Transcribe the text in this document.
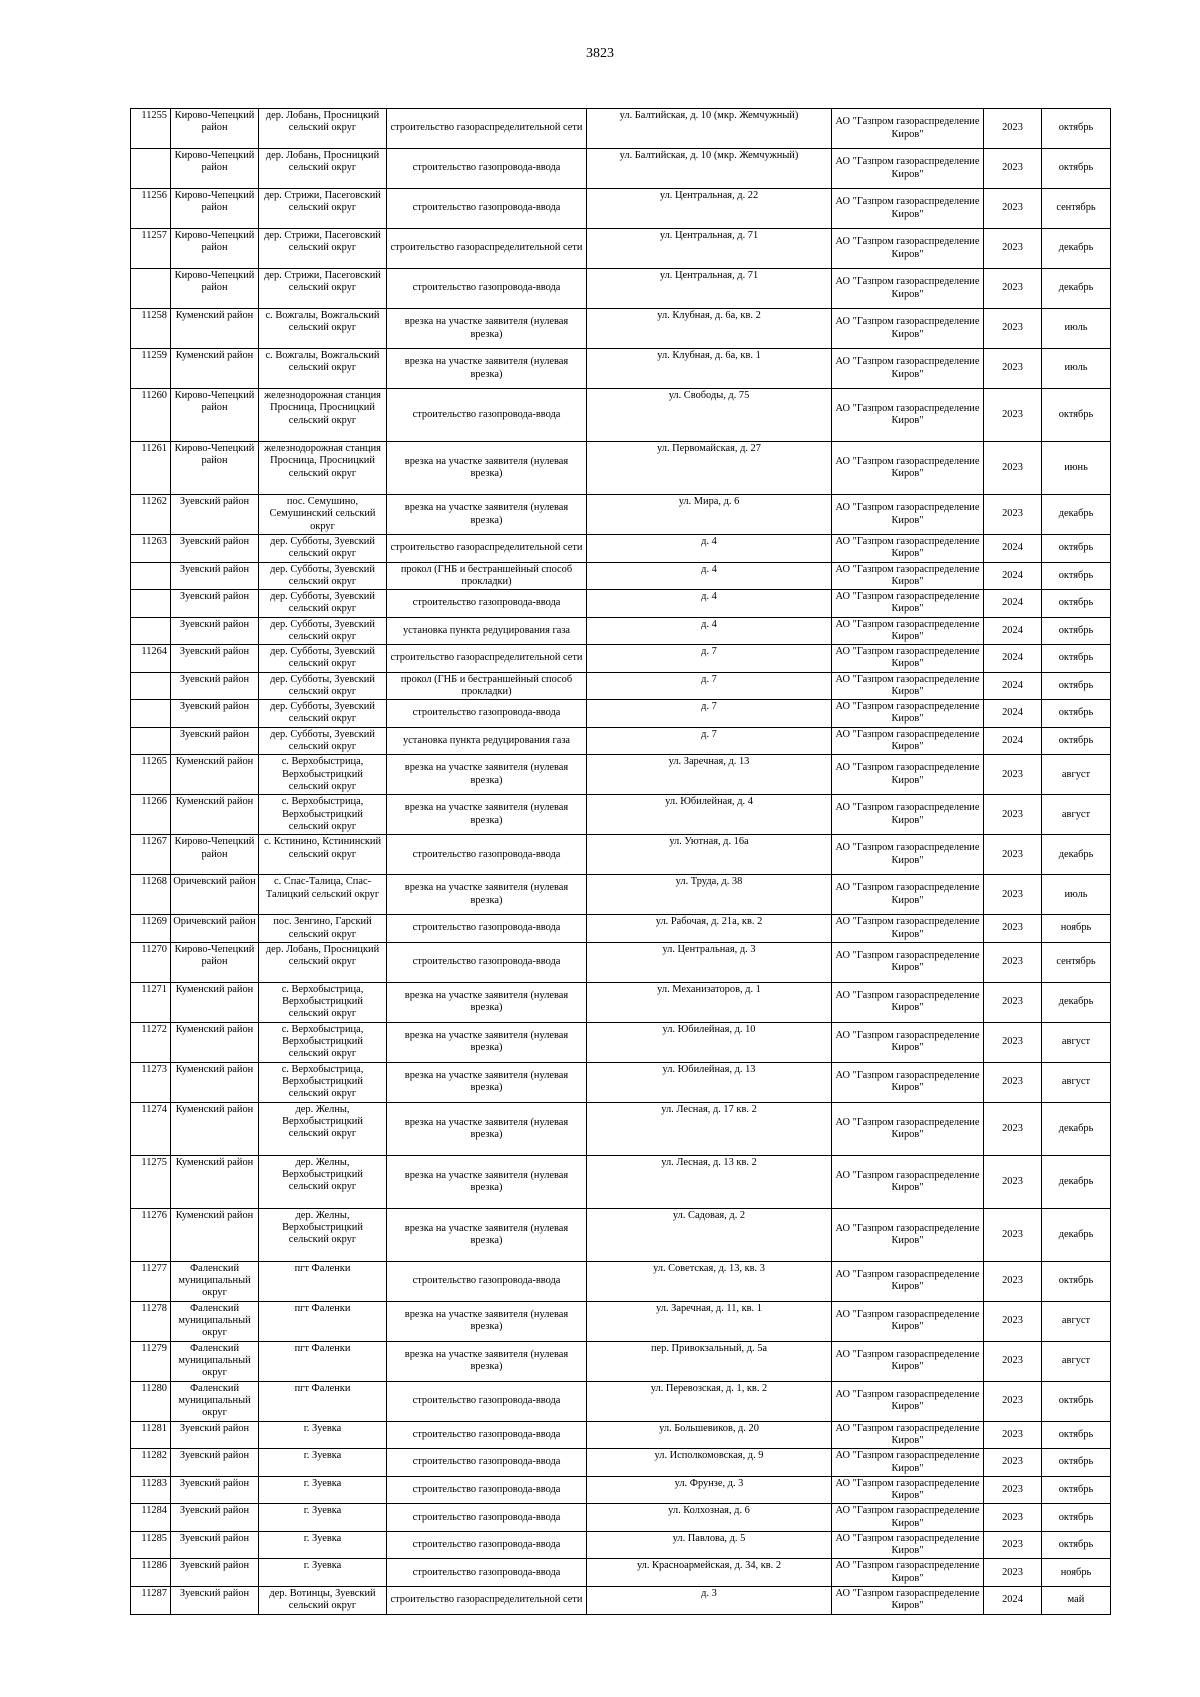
3823
11255	Кирово-Чепецкий район	дер. Лобань, Просницкий сельский округ	строительство газораспределительной сети	ул. Балтийская, д. 10 (мкр. Жемчужный)	АО "Газпром газораспределение Киров"	2023	октябрь
	Кирово-Чепецкий район	дер. Лобань, Просницкий сельский округ	строительство газопровода-ввода	ул. Балтийская, д. 10 (мкр. Жемчужный)	АО "Газпром газораспределение Киров"	2023	октябрь
11256	Кирово-Чепецкий район	дер. Стрижи, Пасеговский сельский округ	строительство газопровода-ввода	ул. Центральная, д. 22	АО "Газпром газораспределение Киров"	2023	сентябрь
11257	Кирово-Чепецкий район	дер. Стрижи, Пасеговский сельский округ	строительство газораспределительной сети	ул. Центральная, д. 71	АО "Газпром газораспределение Киров"	2023	декабрь
	Кирово-Чепецкий район	дер. Стрижи, Пасеговский сельский округ	строительство газопровода-ввода	ул. Центральная, д. 71	АО "Газпром газораспределение Киров"	2023	декабрь
11258	Куменский район	с. Вожгалы, Вожгальский сельский округ	врезка на участке заявителя (нулевая врезка)	ул. Клубная, д. 6а, кв. 2	АО "Газпром газораспределение Киров"	2023	июль
11259	Куменский район	с. Вожгалы, Вожгальский сельский округ	врезка на участке заявителя (нулевая врезка)	ул. Клубная, д. 6а, кв. 1	АО "Газпром газораспределение Киров"	2023	июль
11260	Кирово-Чепецкий район	железнодорожная станция Просница, Просницкий сельский округ	строительство газопровода-ввода	ул. Свободы, д. 75	АО "Газпром газораспределение Киров"	2023	октябрь
11261	Кирово-Чепецкий район	железнодорожная станция Просница, Просницкий сельский округ	врезка на участке заявителя (нулевая врезка)	ул. Первомайская, д. 27	АО "Газпром газораспределение Киров"	2023	июнь
11262	Зуевский район	пос. Семушино, Семушинский сельский округ	врезка на участке заявителя (нулевая врезка)	ул. Мира, д. 6	АО "Газпром газораспределение Киров"	2023	декабрь
11263	Зуевский район	дер. Субботы, Зуевский сельский округ	строительство газораспределительной сети	д. 4	АО "Газпром газораспределение Киров"	2024	октябрь
	Зуевский район	дер. Субботы, Зуевский сельский округ	прокол (ГНБ и бестраншейный способ прокладки)	д. 4	АО "Газпром газораспределение Киров"	2024	октябрь
	Зуевский район	дер. Субботы, Зуевский сельский округ	строительство газопровода-ввода	д. 4	АО "Газпром газораспределение Киров"	2024	октябрь
	Зуевский район	дер. Субботы, Зуевский сельский округ	установка пункта редуцирования газа	д. 4	АО "Газпром газораспределение Киров"	2024	октябрь
11264	Зуевский район	дер. Субботы, Зуевский сельский округ	строительство газораспределительной сети	д. 7	АО "Газпром газораспределение Киров"	2024	октябрь
	Зуевский район	дер. Субботы, Зуевский сельский округ	прокол (ГНБ и бестраншейный способ прокладки)	д. 7	АО "Газпром газораспределение Киров"	2024	октябрь
	Зуевский район	дер. Субботы, Зуевский сельский округ	строительство газопровода-ввода	д. 7	АО "Газпром газораспределение Киров"	2024	октябрь
	Зуевский район	дер. Субботы, Зуевский сельский округ	установка пункта редуцирования газа	д. 7	АО "Газпром газораспределение Киров"	2024	октябрь
11265	Куменский район	с. Верхобыстрица, Верхобыстрицкий сельский округ	врезка на участке заявителя (нулевая врезка)	ул. Заречная, д. 13	АО "Газпром газораспределение Киров"	2023	август
11266	Куменский район	с. Верхобыстрица, Верхобыстрицкий сельский округ	врезка на участке заявителя (нулевая врезка)	ул. Юбилейная, д. 4	АО "Газпром газораспределение Киров"	2023	август
11267	Кирово-Чепецкий район	с. Кстинино, Кстининский сельский округ	строительство газопровода-ввода	ул. Уютная, д. 16а	АО "Газпром газораспределение Киров"	2023	декабрь
11268	Оричевский район	с. Спас-Талица, Спас-Талицкий сельский округ	врезка на участке заявителя (нулевая врезка)	ул. Труда, д. 38	АО "Газпром газораспределение Киров"	2023	июль
11269	Оричевский район	пос. Зенгино, Гарский сельский округ	строительство газопровода-ввода	ул. Рабочая, д. 21а, кв. 2	АО "Газпром газораспределение Киров"	2023	ноябрь
11270	Кирово-Чепецкий район	дер. Лобань, Просницкий сельский округ	строительство газопровода-ввода	ул. Центральная, д. 3	АО "Газпром газораспределение Киров"	2023	сентябрь
11271	Куменский район	с. Верхобыстрица, Верхобыстрицкий сельский округ	врезка на участке заявителя (нулевая врезка)	ул. Механизаторов, д. 1	АО "Газпром газораспределение Киров"	2023	декабрь
11272	Куменский район	с. Верхобыстрица, Верхобыстрицкий сельский округ	врезка на участке заявителя (нулевая врезка)	ул. Юбилейная, д. 10	АО "Газпром газораспределение Киров"	2023	август
11273	Куменский район	с. Верхобыстрица, Верхобыстрицкий сельский округ	врезка на участке заявителя (нулевая врезка)	ул. Юбилейная, д. 13	АО "Газпром газораспределение Киров"	2023	август
11274	Куменский район	дер. Желны, Верхобыстрицкий сельский округ	врезка на участке заявителя (нулевая врезка)	ул. Лесная, д. 17 кв. 2	АО "Газпром газораспределение Киров"	2023	декабрь
11275	Куменский район	дер. Желны, Верхобыстрицкий сельский округ	врезка на участке заявителя (нулевая врезка)	ул. Лесная, д. 13 кв. 2	АО "Газпром газораспределение Киров"	2023	декабрь
11276	Куменский район	дер. Желны, Верхобыстрицкий сельский округ	врезка на участке заявителя (нулевая врезка)	ул. Садовая, д. 2	АО "Газпром газораспределение Киров"	2023	декабрь
11277	Фаленский муниципальный округ	пгт Фаленки	строительство газопровода-ввода	ул. Советская, д. 13, кв. 3	АО "Газпром газораспределение Киров"	2023	октябрь
11278	Фаленский муниципальный округ	пгт Фаленки	врезка на участке заявителя (нулевая врезка)	ул. Заречная, д. 11, кв. 1	АО "Газпром газораспределение Киров"	2023	август
11279	Фаленский муниципальный округ	пгт Фаленки	врезка на участке заявителя (нулевая врезка)	пер. Привокзальный, д. 5а	АО "Газпром газораспределение Киров"	2023	август
11280	Фаленский муниципальный округ	пгт Фаленки	строительство газопровода-ввода	ул. Перевозская, д. 1, кв. 2	АО "Газпром газораспределение Киров"	2023	октябрь
11281	Зуевский район	г. Зуевка	строительство газопровода-ввода	ул. Большевиков, д. 20	АО "Газпром газораспределение Киров"	2023	октябрь
11282	Зуевский район	г. Зуевка	строительство газопровода-ввода	ул. Исполкомовская, д. 9	АО "Газпром газораспределение Киров"	2023	октябрь
11283	Зуевский район	г. Зуевка	строительство газопровода-ввода	ул. Фрунзе, д. 3	АО "Газпром газораспределение Киров"	2023	октябрь
11284	Зуевский район	г. Зуевка	строительство газопровода-ввода	ул. Колхозная, д. 6	АО "Газпром газораспределение Киров"	2023	октябрь
11285	Зуевский район	г. Зуевка	строительство газопровода-ввода	ул. Павлова, д. 5	АО "Газпром газораспределение Киров"	2023	октябрь
11286	Зуевский район	г. Зуевка	строительство газопровода-ввода	ул. Красноармейская, д. 34, кв. 2	АО "Газпром газораспределение Киров"	2023	ноябрь
11287	Зуевский район	дер. Вотинцы, Зуевский сельский округ	строительство газораспределительной сети	д. 3	АО "Газпром газораспределение Киров"	2024	май
